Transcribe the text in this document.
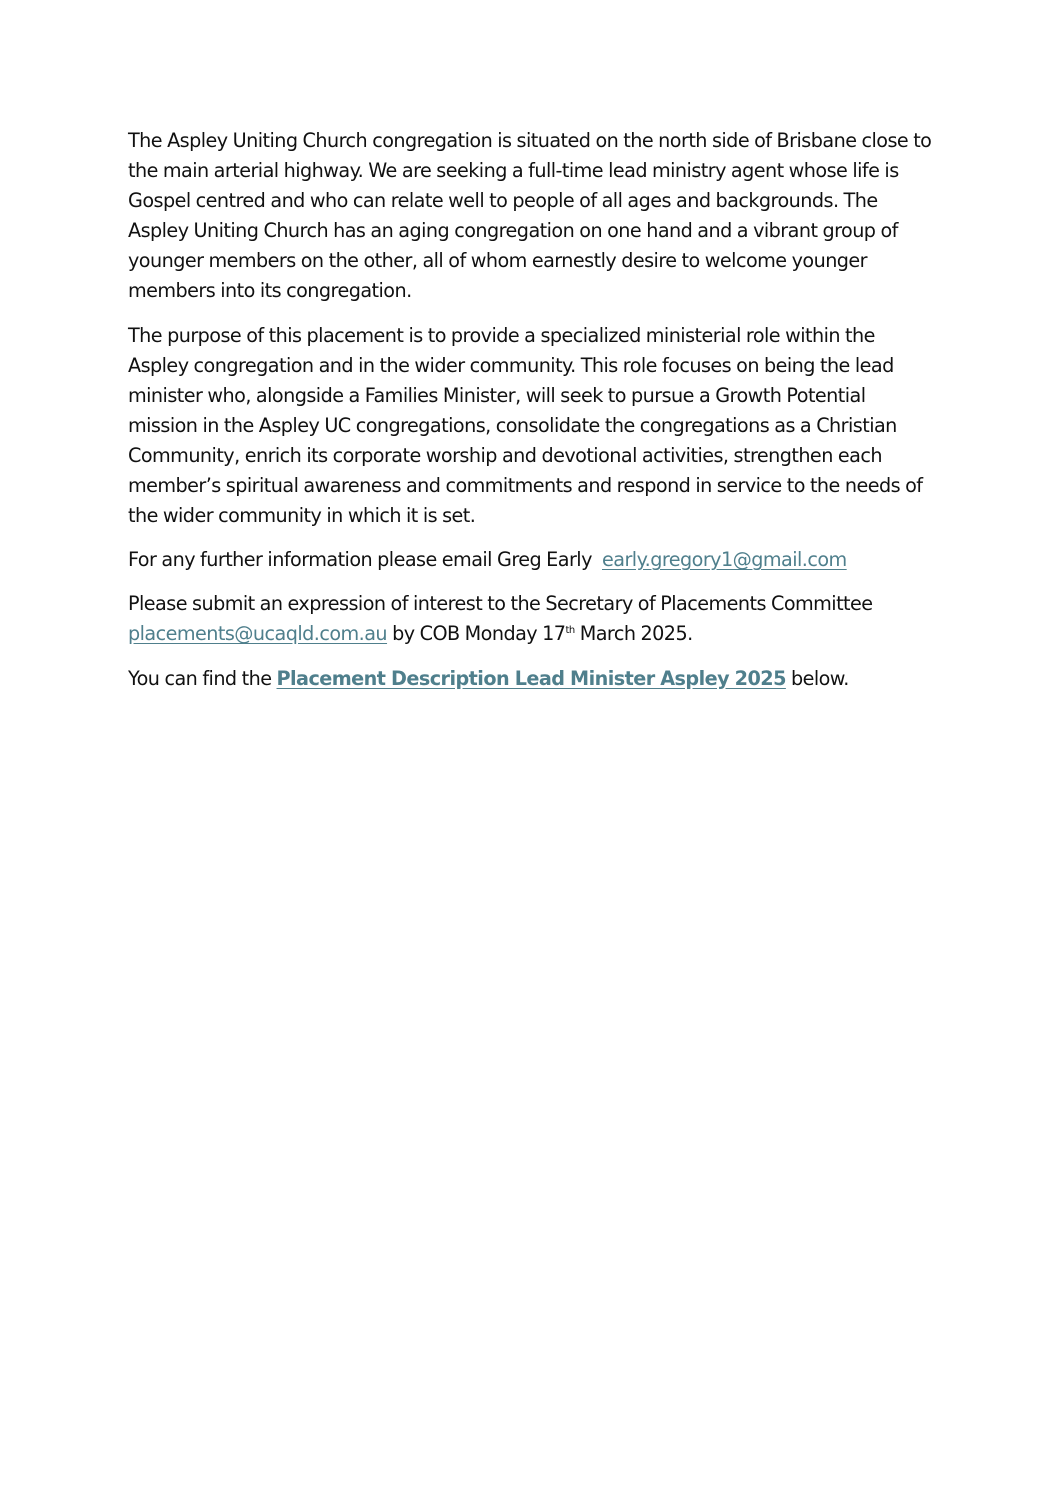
The Aspley Uniting Church congregation is situated on the north side of Brisbane close to the main arterial highway. We are seeking a full-time lead ministry agent whose life is Gospel centred and who can relate well to people of all ages and backgrounds. The Aspley Uniting Church has an aging congregation on one hand and a vibrant group of younger members on the other, all of whom earnestly desire to welcome younger members into its congregation.

The purpose of this placement is to provide a specialized ministerial role within the Aspley congregation and in the wider community. This role focuses on being the lead minister who, alongside a Families Minister, will seek to pursue a Growth Potential mission in the Aspley UC congregations, consolidate the congregations as a Christian Community, enrich its corporate worship and devotional activities, strengthen each member’s spiritual awareness and commitments and respond in service to the needs of the wider community in which it is set.

For any further information please email Greg Early early.gregory1@gmail.com

Please submit an expression of interest to the Secretary of Placements Committee
placements@ucaqld.com.au by COB Monday 17th March 2025.

You can find the Placement Description Lead Minister Aspley 2025 below.
